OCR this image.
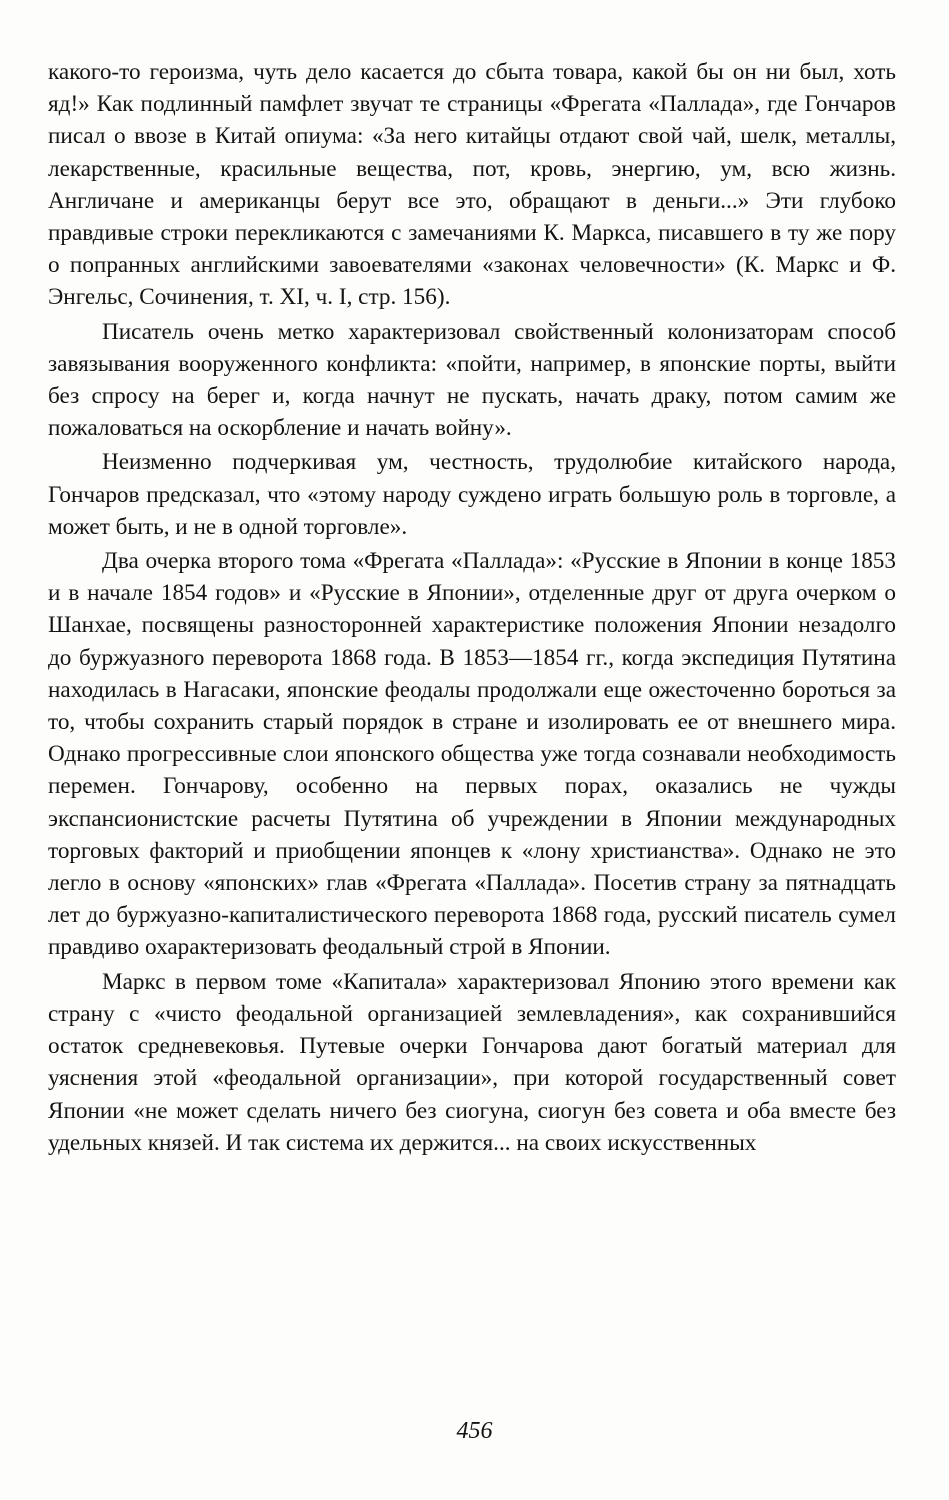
какого-то героизма, чуть дело касается до сбыта товара, какой бы он ни был, хоть яд!» Как подлинный памфлет звучат те страницы «Фрегата «Паллада», где Гончаров писал о ввозе в Китай опиума: «За него китайцы отдают свой чай, шелк, металлы, лекарственные, красильные вещества, пот, кровь, энергию, ум, всю жизнь. Англичане и американцы берут все это, обращают в деньги...» Эти глубоко правдивые строки перекликаются с замечаниями К. Маркса, писавшего в ту же пору о попранных английскими завоевателями «законах человечности» (К. Маркс и Ф. Энгельс, Сочинения, т. XI, ч. I, стр. 156).

Писатель очень метко характеризовал свойственный колонизаторам способ завязывания вооруженного конфликта: «пойти, например, в японские порты, выйти без спросу на берег и, когда начнут не пускать, начать драку, потом самим же пожаловаться на оскорбление и начать войну».

Неизменно подчеркивая ум, честность, трудолюбие китайского народа, Гончаров предсказал, что «этому народу суждено играть большую роль в торговле, а может быть, и не в одной торговле».

Два очерка второго тома «Фрегата «Паллада»: «Русские в Японии в конце 1853 и в начале 1854 годов» и «Русские в Японии», отделенные друг от друга очерком о Шанхае, посвящены разносторонней характеристике положения Японии незадолго до буржуазного переворота 1868 года. В 1853—1854 гг., когда экспедиция Путятина находилась в Нагасаки, японские феодалы продолжали еще ожесточенно бороться за то, чтобы сохранить старый порядок в стране и изолировать ее от внешнего мира. Однако прогрессивные слои японского общества уже тогда сознавали необходимость перемен. Гончарову, особенно на первых порах, оказались не чужды экспансионистские расчеты Путятина об учреждении в Японии международных торговых факторий и приобщении японцев к «лону христианства». Однако не это легло в основу «японских» глав «Фрегата «Паллада». Посетив страну за пятнадцать лет до буржуазно-капиталистического переворота 1868 года, русский писатель сумел правдиво охарактеризовать феодальный строй в Японии.

Маркс в первом томе «Капитала» характеризовал Японию этого времени как страну с «чисто феодальной организацией землевладения», как сохранившийся остаток средневековья. Путевые очерки Гончарова дают богатый материал для уяснения этой «феодальной организации», при которой государственный совет Японии «не может сделать ничего без сиогуна, сиогун без совета и оба вместе без удельных князей. И так система их держится... на своих искусственных

456
